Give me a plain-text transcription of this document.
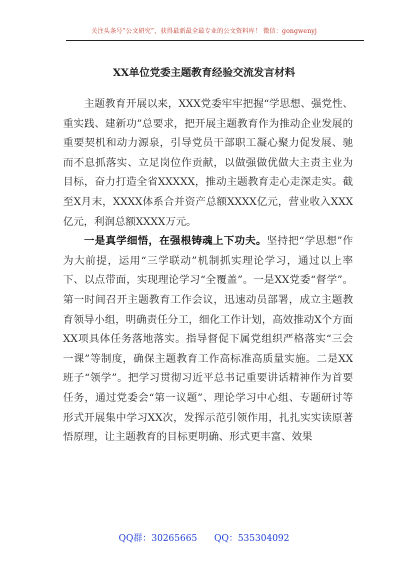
关注头条号“公文研究”，获得最新最全最专业的公文资料库！ 微信：gongwenyj
XX单位党委主题教育经验交流发言材料

主题教育开展以来，XXX党委牢牢把握“学思想、强党性、重实践、建新功”总要求，把开展主题教育作为推动企业发展的重要契机和动力源泉，引导党员干部职工凝心聚力促发展、驰而不息抓落实、立足岗位作贡献，以做强做优做大主责主业为目标，奋力打造全省XXXXX，推动主题教育走心走深走实。截至X月末，XXXX体系合并资产总额XXXX亿元，营业收入XXX亿元，利润总额XXXX万元。

一是真学细悟，在强根铸魂上下功夫。坚持把“学思想”作为大前提，运用“三学联动”机制抓实理论学习，通过以上率下、以点带面，实现理论学习“全覆盖”。一是XX党委“督学”。第一时间召开主题教育工作会议，迅速动员部署，成立主题教育领导小组，明确责任分工，细化工作计划，高效推动X个方面XX项具体任务落地落实。指导督促下属党组织严格落实“三会一课”等制度，确保主题教育工作高标准高质量实施。二是XX班子“领学”。把学习贯彻习近平总书记重要讲话精神作为首要任务，通过党委会“第一议题”、理论学习中心组、专题研讨等形式开展集中学习XX次，发挥示范引领作用，扎扎实实读原著悟原理，让主题教育的目标更明确、形式更丰富、效果

QQ群：30265665 QQ：535304092
